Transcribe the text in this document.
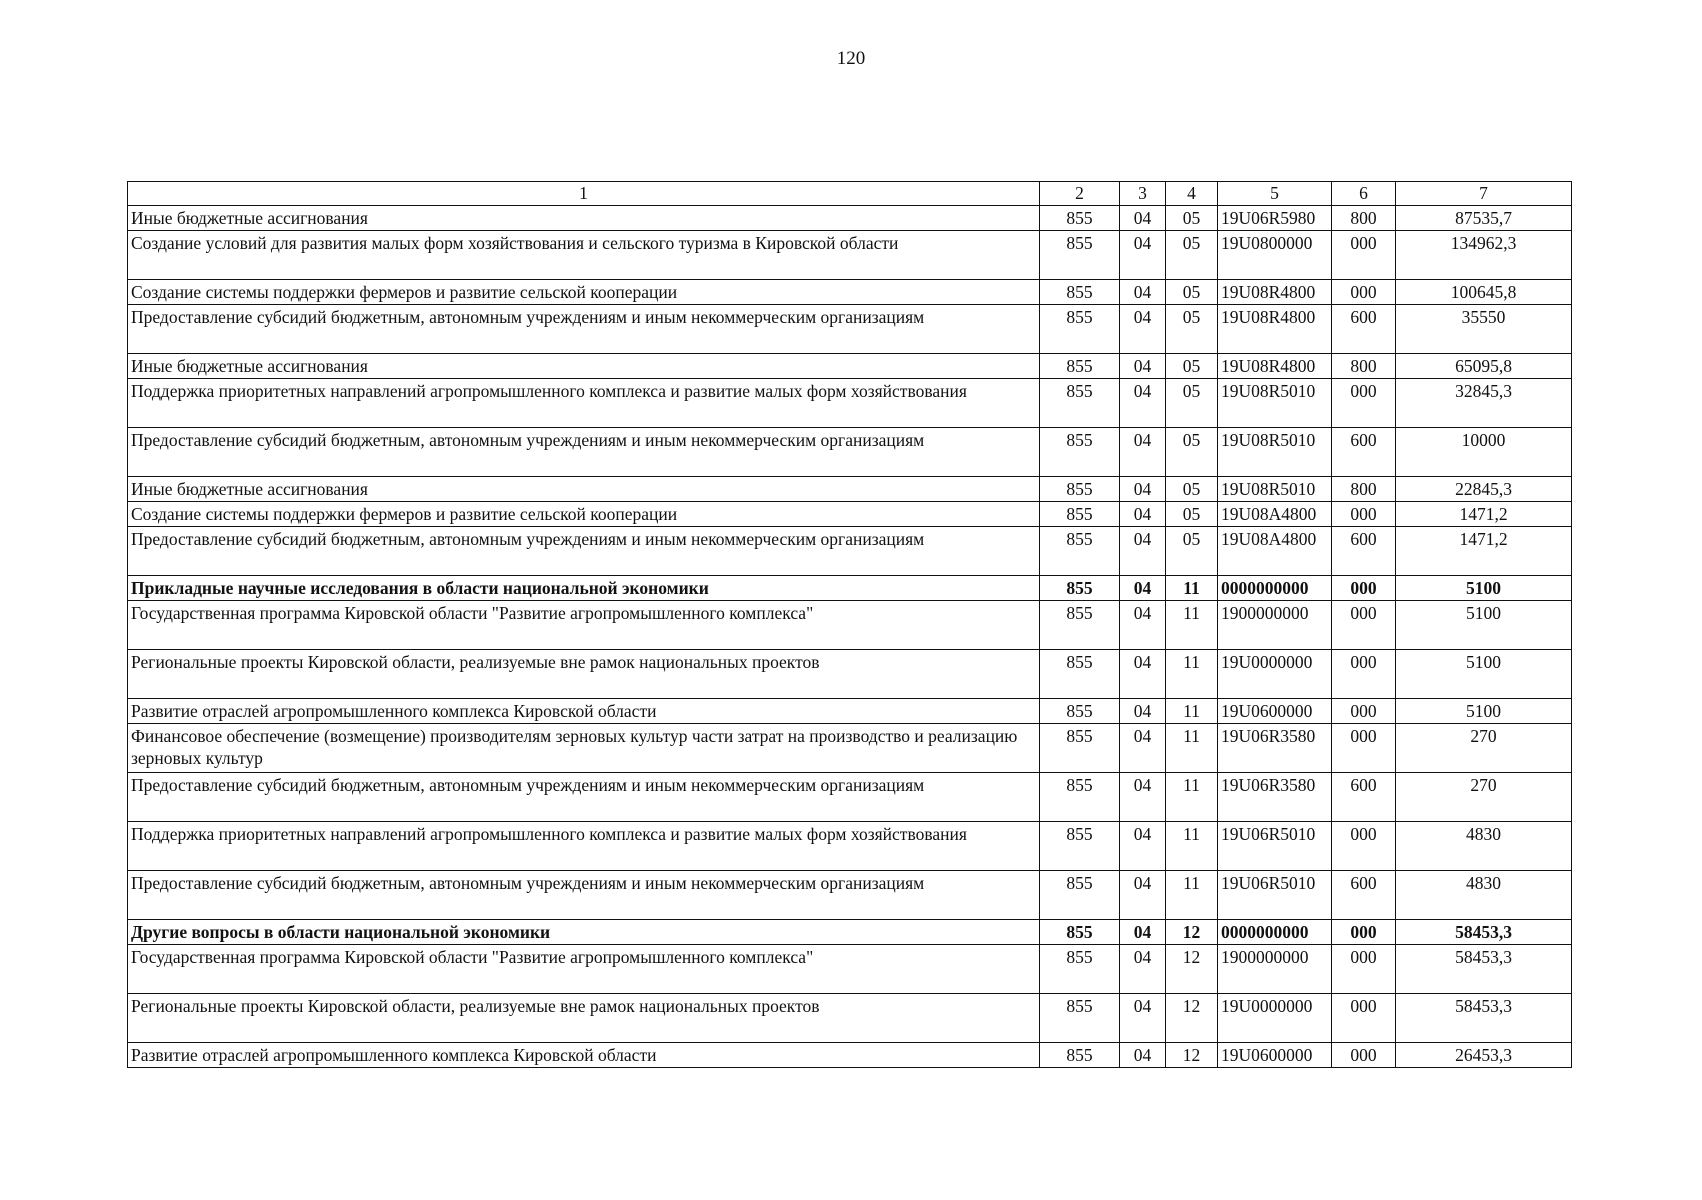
120
1	2	3	4	5	6	7
Иные бюджетные ассигнования	855	04	05	19U06R5980	800	87535,7
Создание условий для развития малых форм хозяйствования и сельского туризма в Кировской области	855	04	05	19U0800000	000	134962,3
Создание системы поддержки фермеров и развитие сельской кооперации	855	04	05	19U08R4800	000	100645,8
Предоставление субсидий бюджетным, автономным учреждениям и иным некоммерческим организациям	855	04	05	19U08R4800	600	35550
Иные бюджетные ассигнования	855	04	05	19U08R4800	800	65095,8
Поддержка приоритетных направлений агропромышленного комплекса и развитие малых форм хозяйствования	855	04	05	19U08R5010	000	32845,3
Предоставление субсидий бюджетным, автономным учреждениям и иным некоммерческим организациям	855	04	05	19U08R5010	600	10000
Иные бюджетные ассигнования	855	04	05	19U08R5010	800	22845,3
Создание системы поддержки фермеров и развитие сельской кооперации	855	04	05	19U08A4800	000	1471,2
Предоставление субсидий бюджетным, автономным учреждениям и иным некоммерческим организациям	855	04	05	19U08A4800	600	1471,2
Прикладные научные исследования в области национальной экономики	855	04	11	0000000000	000	5100
Государственная программа Кировской области "Развитие агропромышленного комплекса"	855	04	11	1900000000	000	5100
Региональные проекты Кировской области, реализуемые вне рамок национальных проектов	855	04	11	19U0000000	000	5100
Развитие отраслей агропромышленного комплекса Кировской области	855	04	11	19U0600000	000	5100
Финансовое обеспечение (возмещение) производителям зерновых культур части затрат на производство и реализацию зерновых культур	855	04	11	19U06R3580	000	270
Предоставление субсидий бюджетным, автономным учреждениям и иным некоммерческим организациям	855	04	11	19U06R3580	600	270
Поддержка приоритетных направлений агропромышленного комплекса и развитие малых форм хозяйствования	855	04	11	19U06R5010	000	4830
Предоставление субсидий бюджетным, автономным учреждениям и иным некоммерческим организациям	855	04	11	19U06R5010	600	4830
Другие вопросы в области национальной экономики	855	04	12	0000000000	000	58453,3
Государственная программа Кировской области "Развитие агропромышленного комплекса"	855	04	12	1900000000	000	58453,3
Региональные проекты Кировской области, реализуемые вне рамок национальных проектов	855	04	12	19U0000000	000	58453,3
Развитие отраслей агропромышленного комплекса Кировской области	855	04	12	19U0600000	000	26453,3
